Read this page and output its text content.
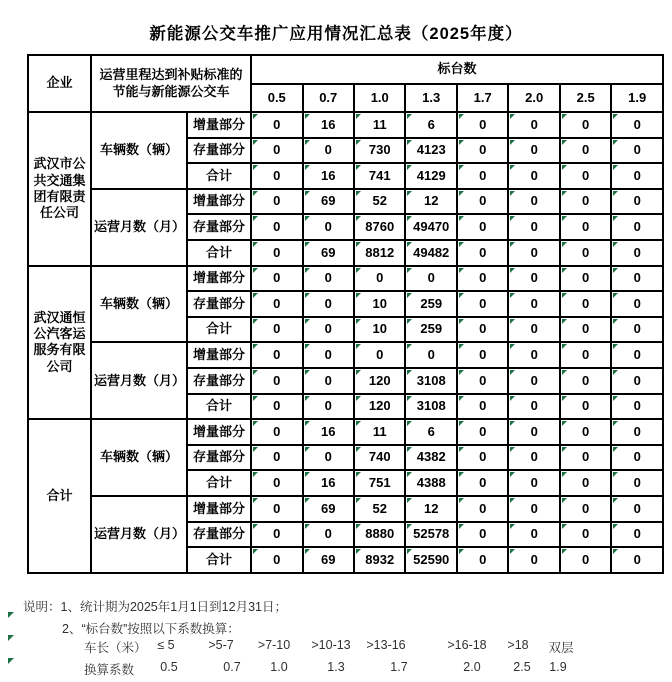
新能源公交车推广应用情况汇总表（2025年度）
企业	运营里程达到补贴标准的节能与新能源公交车		标台数							
			0.5	0.7	1.0	1.3	1.7	2.0	2.5	1.9
武汉市公共交通集团有限责任公司	车辆数（辆）	增量部分	0	16	11	6	0	0	0	0
		存量部分	0	0	730	4123	0	0	0	0
		合计	0	16	741	4129	0	0	0	0
	运营月数（月）	增量部分	0	69	52	12	0	0	0	0
		存量部分	0	0	8760	49470	0	0	0	0
		合计	0	69	8812	49482	0	0	0	0
武汉通恒公汽客运服务有限公司	车辆数（辆）	增量部分	0	0	0	0	0	0	0	0
		存量部分	0	0	10	259	0	0	0	0
		合计	0	0	10	259	0	0	0	0
	运营月数（月）	增量部分	0	0	0	0	0	0	0	0
		存量部分	0	0	120	3108	0	0	0	0
		合计	0	0	120	3108	0	0	0	0
合计	车辆数（辆）	增量部分	0	16	11	6	0	0	0	0
		存量部分	0	0	740	4382	0	0	0	0
		合计	0	16	751	4388	0	0	0	0
	运营月数（月）	增量部分	0	69	52	12	0	0	0	0
		存量部分	0	0	8880	52578	0	0	0	0
		合计	0	69	8932	52590	0	0	0	0
说明：1、统计期为2025年1月1日到12月31日；
2、“标台数”按照以下系数换算：
车长（米） ≤ 5	>5-7 >7-10 >10-13 >13-16	>16-18 >18 双层
换算系数 0.5	0.7 1.0	1.3	1.7	2.0	2.5 1.9
